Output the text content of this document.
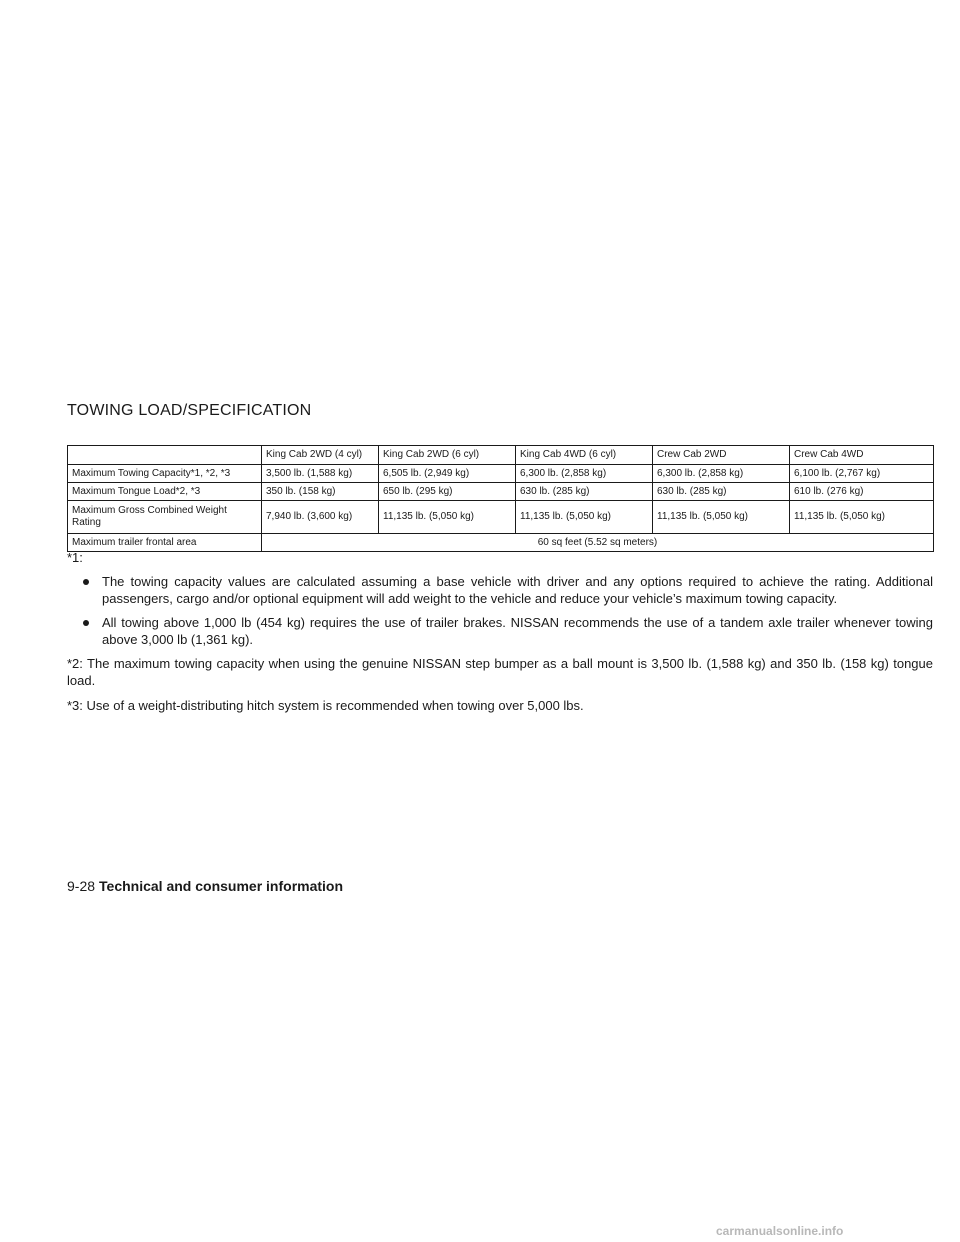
TOWING LOAD/SPECIFICATION
	King Cab 2WD (4 cyl)	King Cab 2WD (6 cyl)	King Cab 4WD (6 cyl)	Crew Cab 2WD	Crew Cab 4WD
Maximum Towing Capacity*1, *2, *3	3,500 lb. (1,588 kg)	6,505 lb. (2,949 kg)	6,300 lb. (2,858 kg)	6,300 lb. (2,858 kg)	6,100 lb. (2,767 kg)
Maximum Tongue Load*2, *3	350 lb. (158 kg)	650 lb. (295 kg)	630 lb. (285 kg)	630 lb. (285 kg)	610 lb. (276 kg)
Maximum Gross Combined Weight Rating	7,940 lb. (3,600 kg)	11,135 lb. (5,050 kg)	11,135 lb. (5,050 kg)	11,135 lb. (5,050 kg)	11,135 lb. (5,050 kg)
Maximum trailer frontal area	60 sq feet (5.52 sq meters)				

*1:

The towing capacity values are calculated assuming a base vehicle with driver and any options required to achieve the rating. Additional passengers, cargo and/or optional equipment will add weight to the vehicle and reduce your vehicle’s maximum towing capacity.
All towing above 1,000 lb (454 kg) requires the use of trailer brakes. NISSAN recommends the use of a tandem axle trailer whenever towing above 3,000 lb (1,361 kg).

*2: The maximum towing capacity when using the genuine NISSAN step bumper as a ball mount is 3,500 lb. (1,588 kg) and 350 lb. (158 kg) tongue load.

*3: Use of a weight-distributing hitch system is recommended when towing over 5,000 lbs.

9-28 Technical and consumer information
carmanualsonline.info
